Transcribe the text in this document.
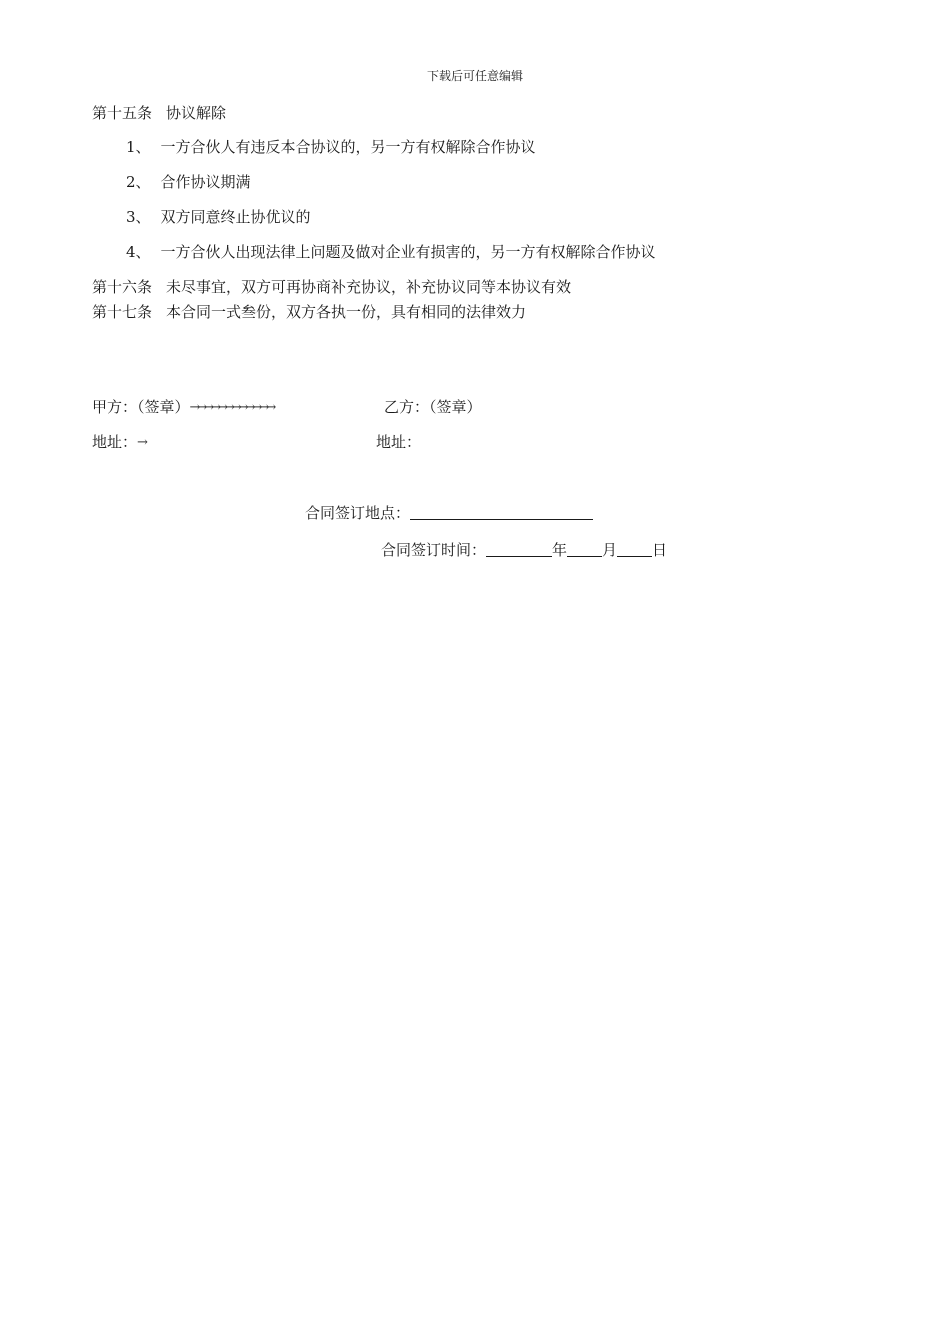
下载后可任意编辑
第十五条 协议解除
1、 一方合伙人有违反本合协议的，另一方有权解除合作协议
2、 合作协议期满
3、 双方同意终止协优议的
4、 一方合伙人出现法律上问题及做对企业有损害的，另一方有权解除合作协议
第十六条 未尽事宜，双方可再协商补充协议，补充协议同等本协议有效
第十七条 本合同一式叁份，双方各执一份，具有相同的法律效力
甲方：（签章）→→→→→→→→→→→→	乙方：（签章）
地址：→	地址：
合同签订地点：
合同签订时间：	年 月 日
